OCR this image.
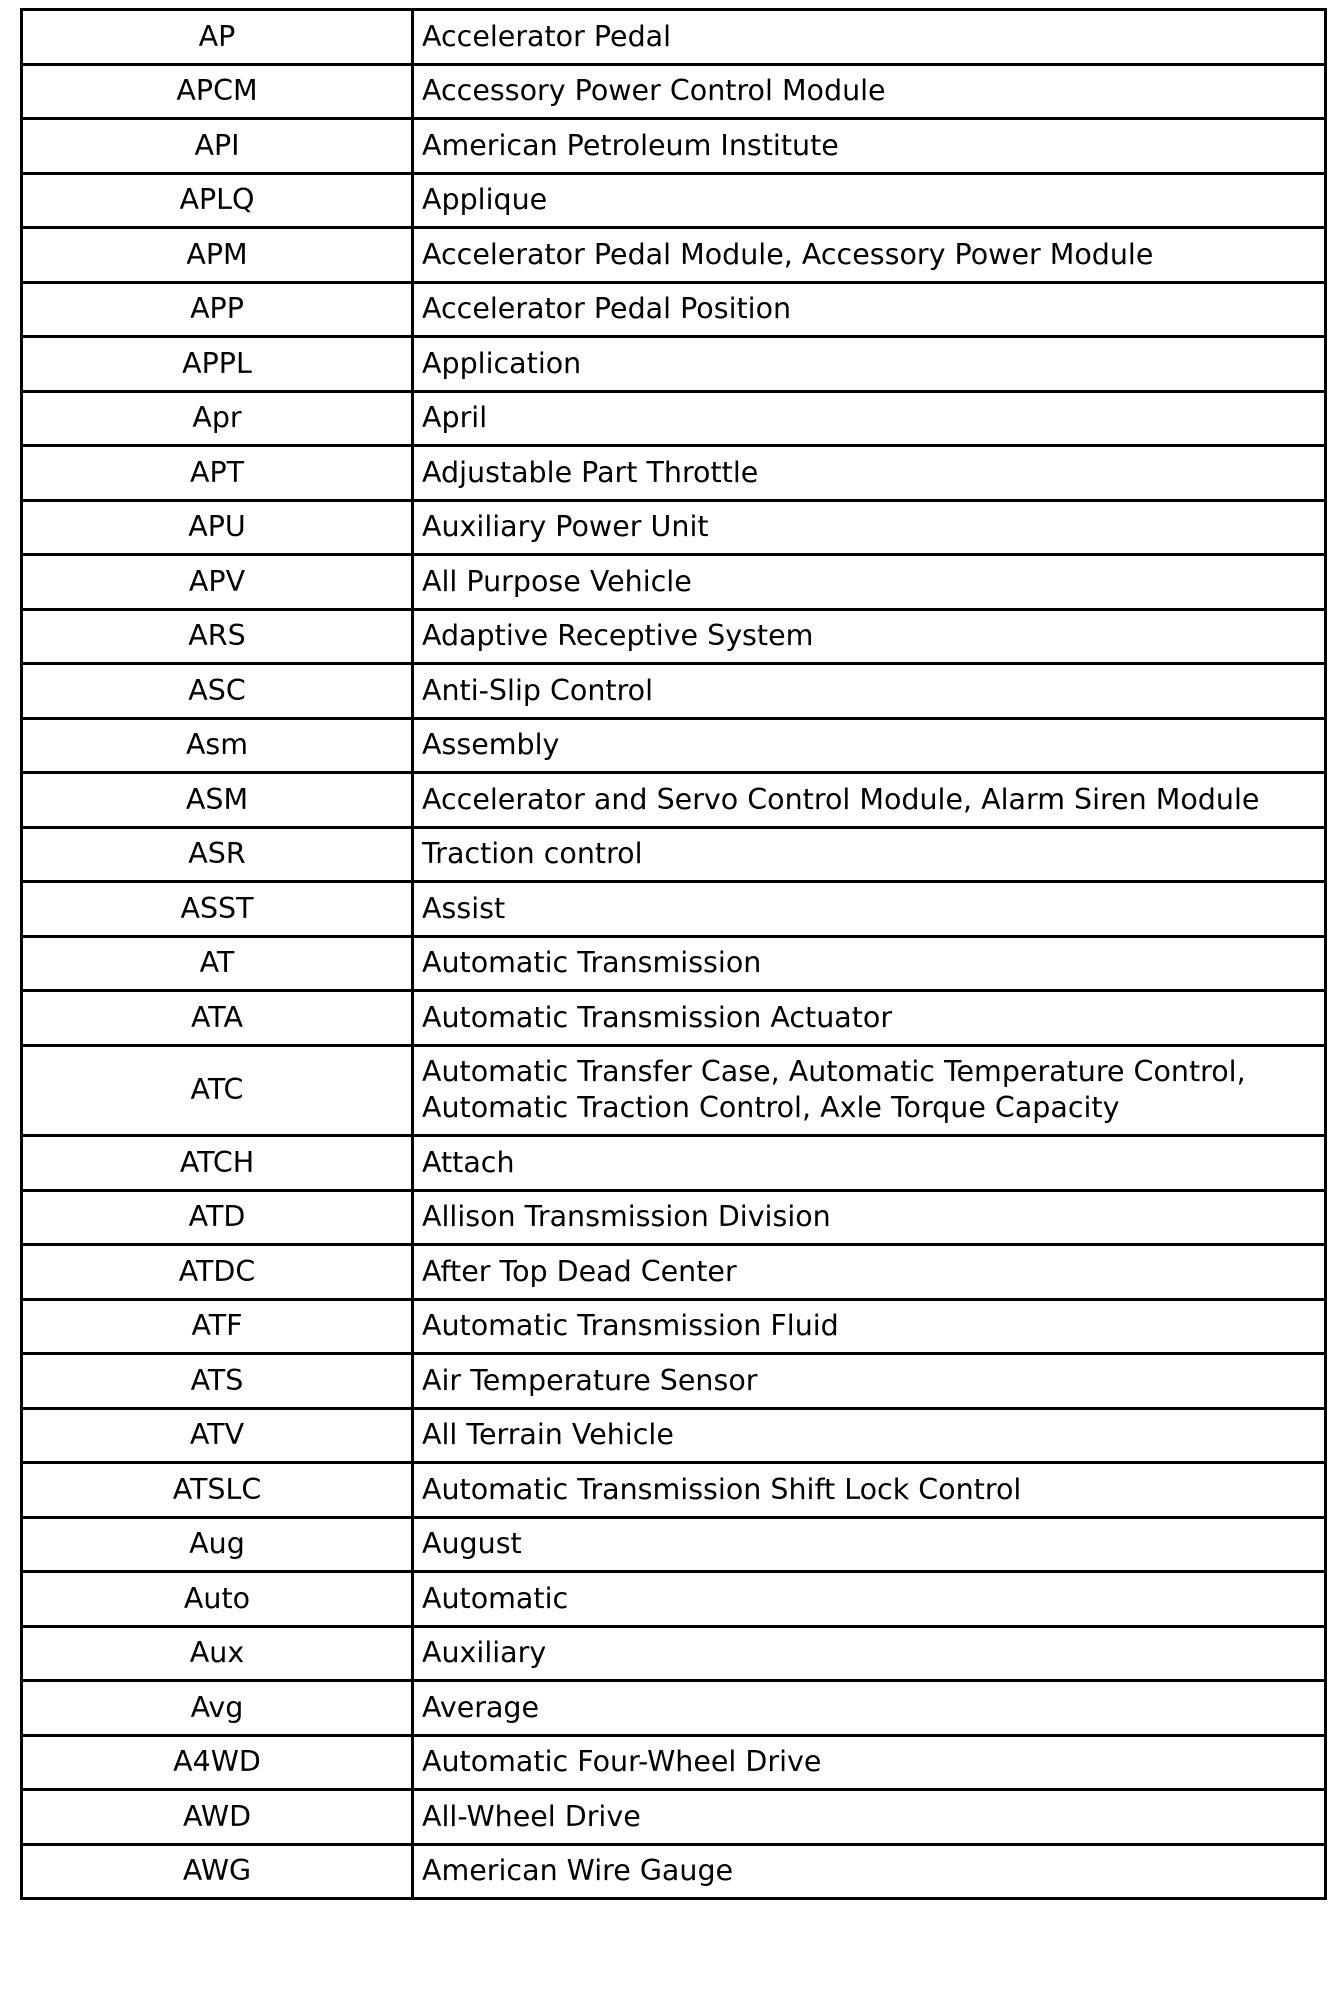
AP	Accelerator Pedal
APCM	Accessory Power Control Module
API	American Petroleum Institute
APLQ	Applique
APM	Accelerator Pedal Module, Accessory Power Module
APP	Accelerator Pedal Position
APPL	Application
Apr	April
APT	Adjustable Part Throttle
APU	Auxiliary Power Unit
APV	All Purpose Vehicle
ARS	Adaptive Receptive System
ASC	Anti-Slip Control
Asm	Assembly
ASM	Accelerator and Servo Control Module, Alarm Siren Module
ASR	Traction control
ASST	Assist
AT	Automatic Transmission
ATA	Automatic Transmission Actuator
ATC	Automatic Transfer Case, Automatic Temperature Control, Automatic Traction Control, Axle Torque Capacity
ATCH	Attach
ATD	Allison Transmission Division
ATDC	After Top Dead Center
ATF	Automatic Transmission Fluid
ATS	Air Temperature Sensor
ATV	All Terrain Vehicle
ATSLC	Automatic Transmission Shift Lock Control
Aug	August
Auto	Automatic
Aux	Auxiliary
Avg	Average
A4WD	Automatic Four-Wheel Drive
AWD	All-Wheel Drive
AWG	American Wire Gauge
